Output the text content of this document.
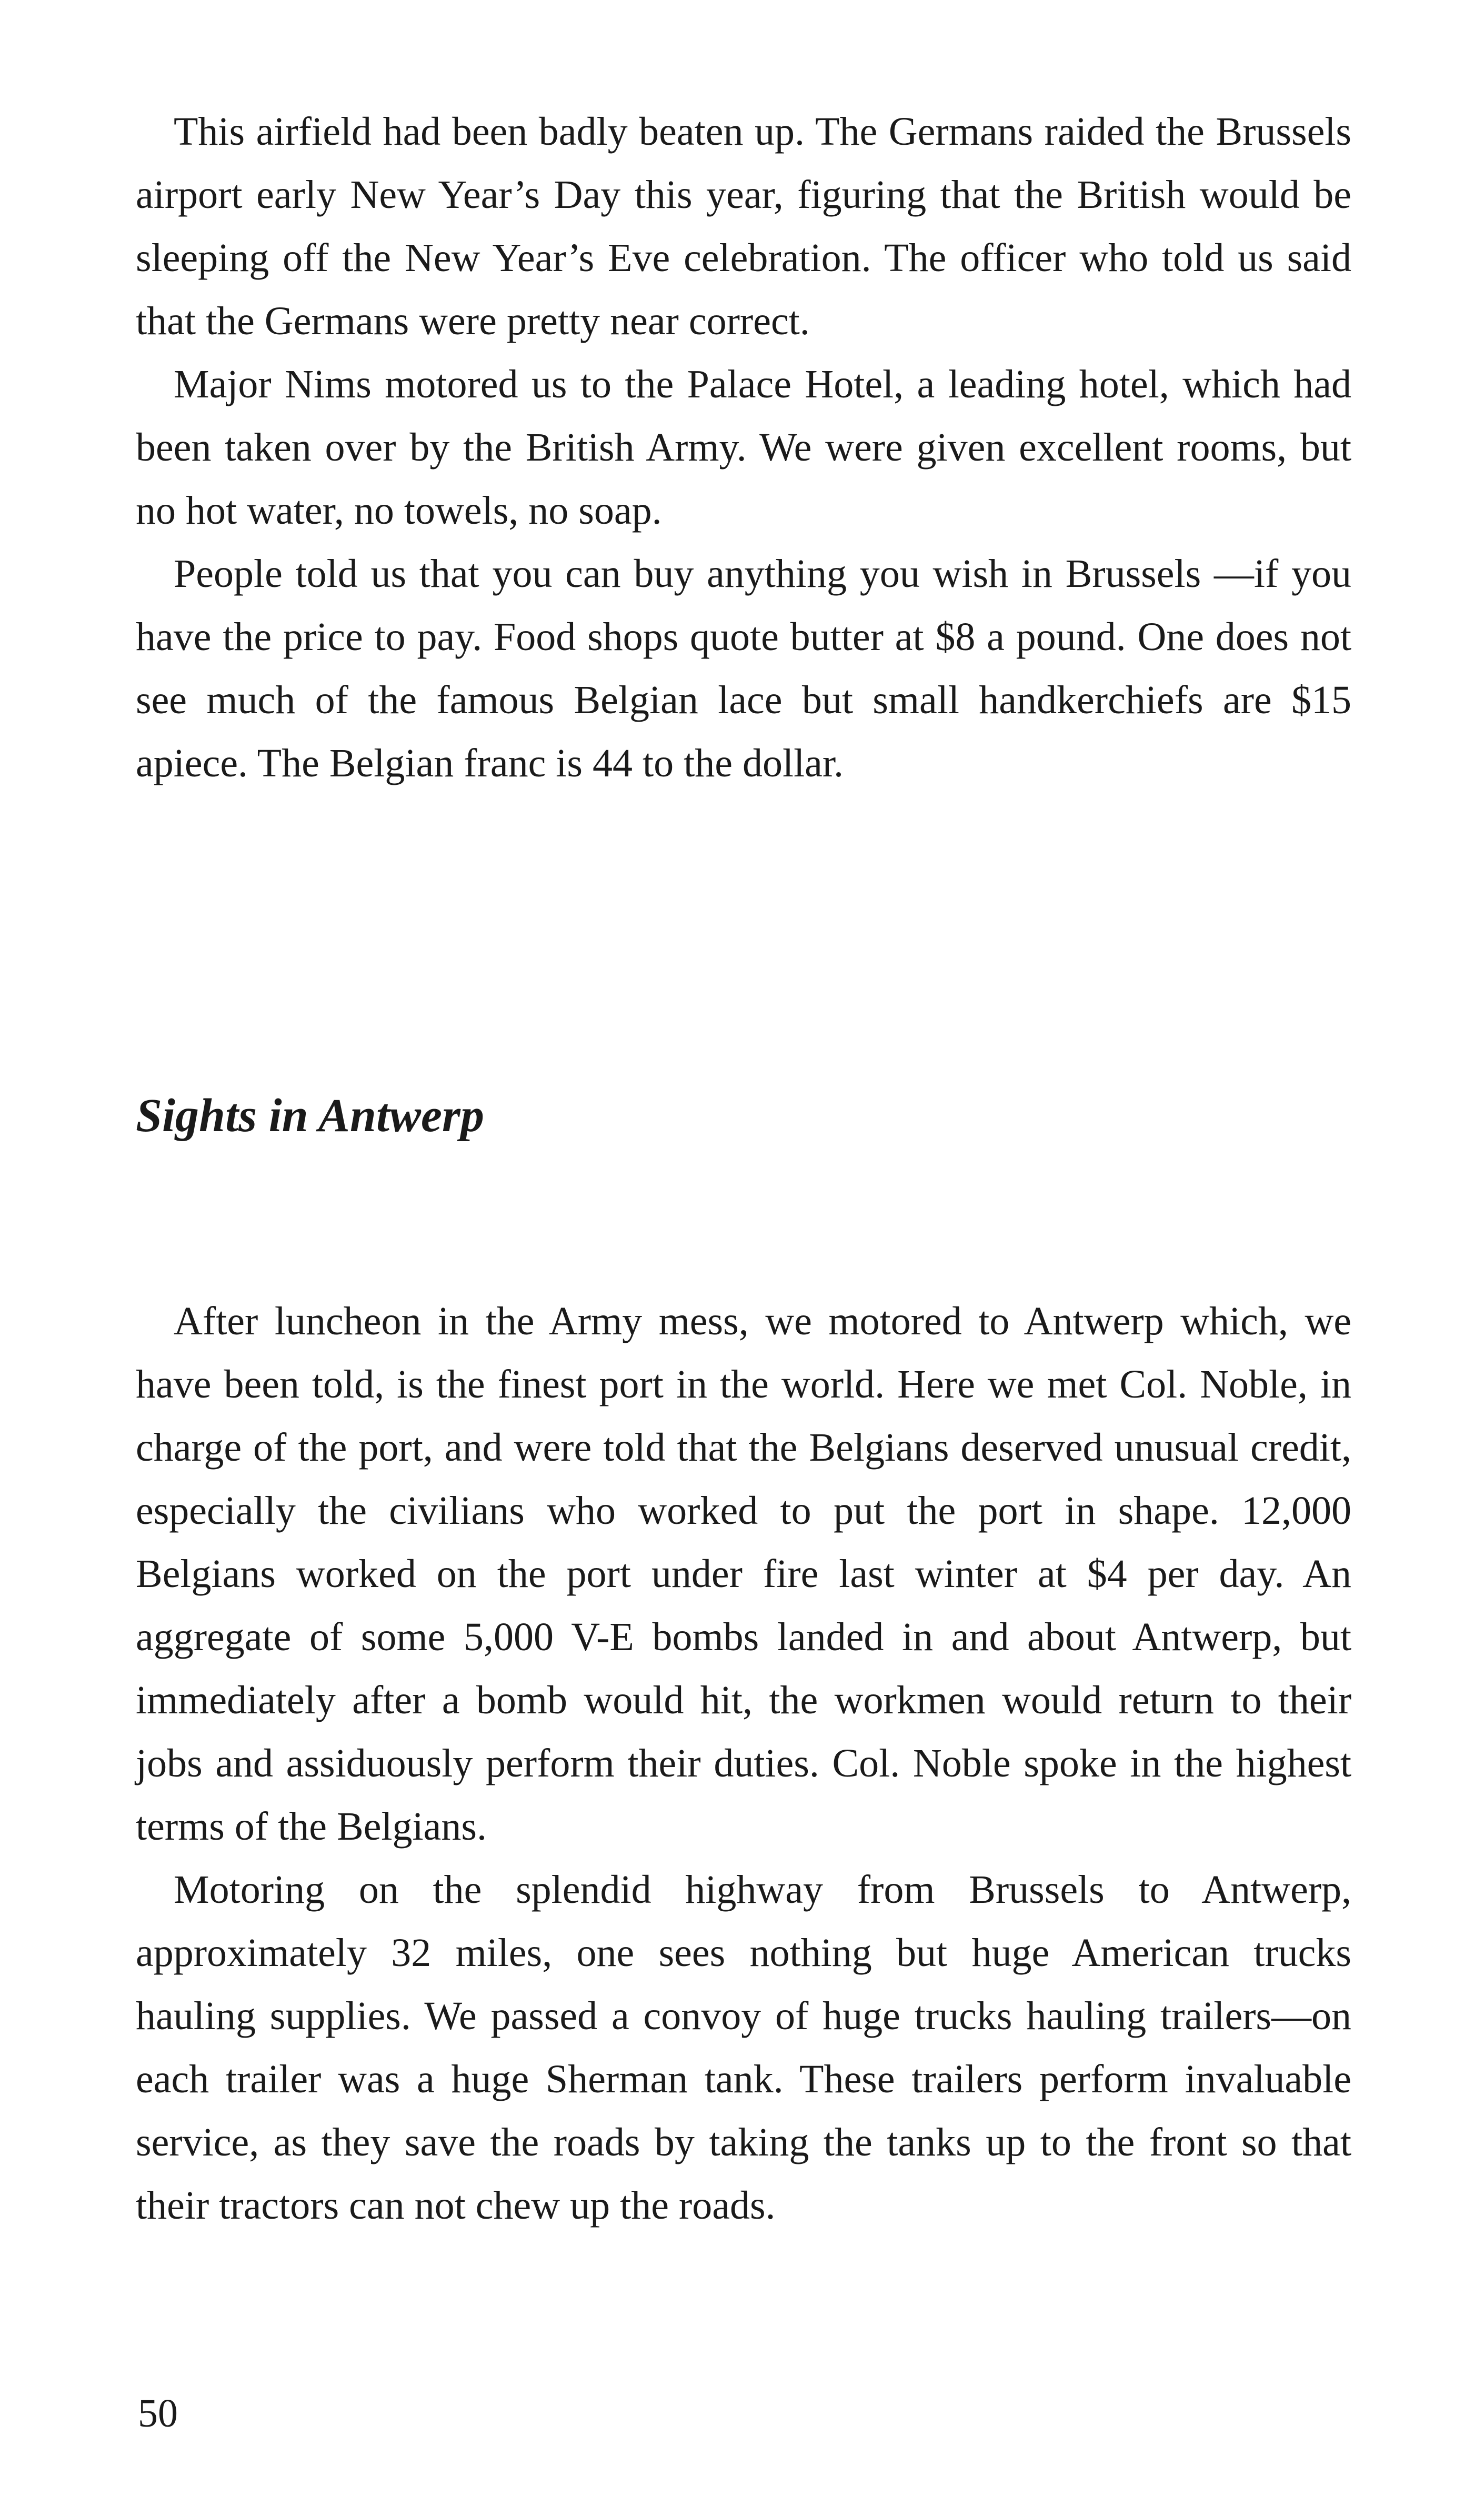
This airfield had been badly beaten up. The Germans raided the Brussels airport early New Year’s Day this year, figuring that the British would be sleeping off the New Year’s Eve celebration. The officer who told us said that the Germans were pretty near correct.

Major Nims motored us to the Palace Hotel, a leading hotel, which had been taken over by the British Army. We were given excellent rooms, but no hot water, no towels, no soap.

People told us that you can buy anything you wish in Brussels —if you have the price to pay. Food shops quote butter at $8 a pound. One does not see much of the famous Belgian lace but small handkerchiefs are $15 apiece. The Belgian franc is 44 to the dollar.

Sights in Antwerp

After luncheon in the Army mess, we motored to Antwerp which, we have been told, is the finest port in the world. Here we met Col. Noble, in charge of the port, and were told that the Belgians deserved unusual credit, especially the civilians who worked to put the port in shape. 12,000 Belgians worked on the port under fire last winter at $4 per day. An aggregate of some 5,000 V-E bombs landed in and about Antwerp, but immediately after a bomb would hit, the workmen would return to their jobs and assiduously perform their duties. Col. Noble spoke in the highest terms of the Belgians.

Motoring on the splendid highway from Brussels to Antwerp, approximately 32 miles, one sees nothing but huge American trucks hauling supplies. We passed a convoy of huge trucks hauling trailers—on each trailer was a huge Sherman tank. These trailers perform invaluable service, as they save the roads by taking the tanks up to the front so that their tractors can not chew up the roads.

50
